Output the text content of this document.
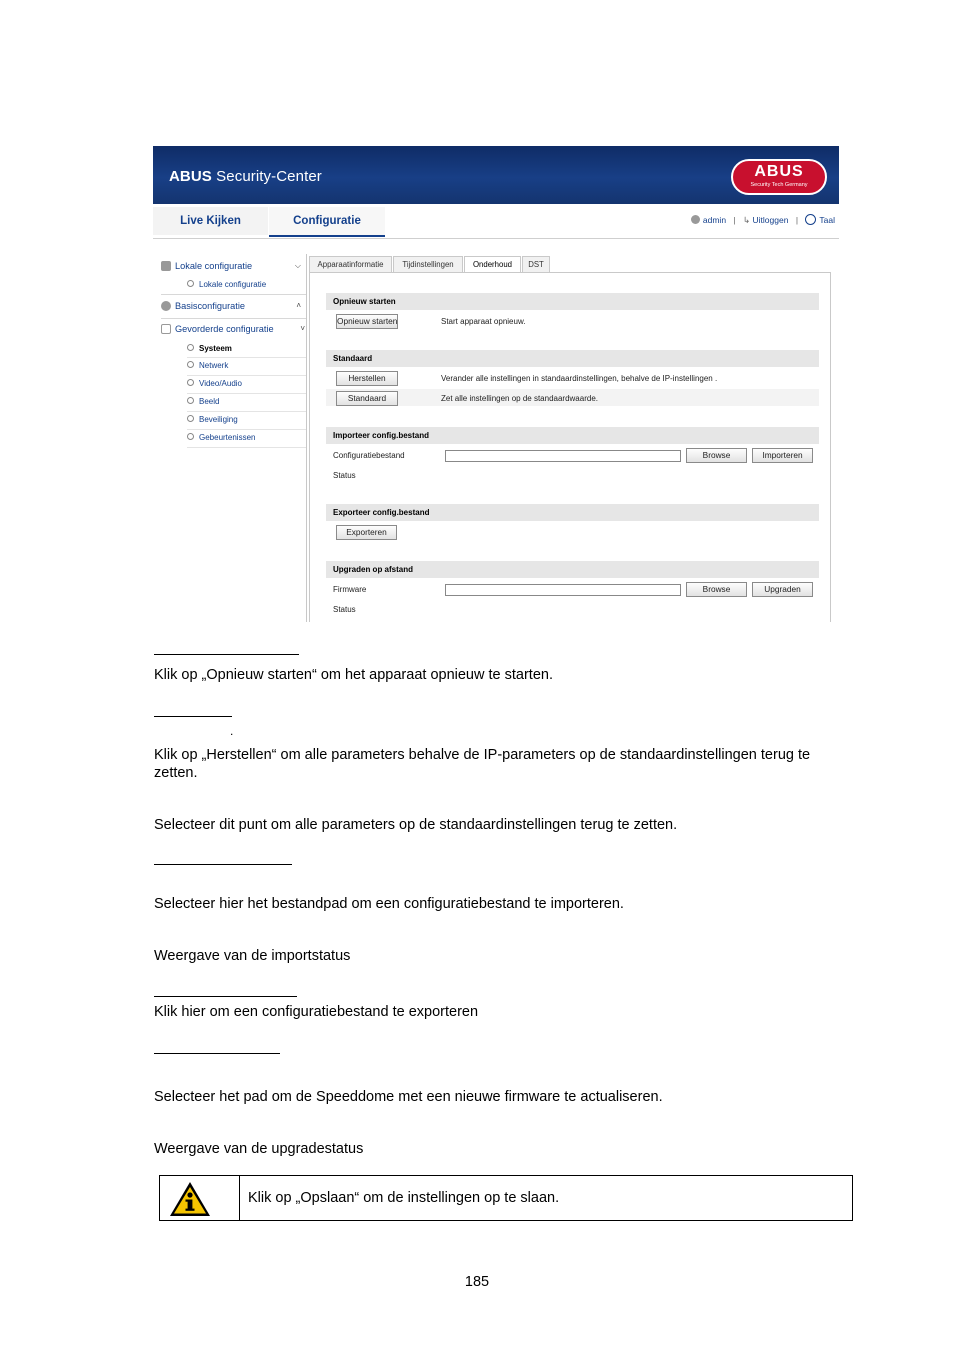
ABUS Security-Center	ABUS
Security Tech Germany
Live Kijken	Configuratie	admin | ↳ Uitloggen |	Taal
Lokale configuratie	⌵
Lokale configuratie
Basisconfiguratie	˄
Gevorderde configuratie	˅
Systeem
Netwerk
Video/Audio
Beeld
Beveiliging
Gebeurtenissen
Apparaatinformatie	Tijdinstellingen	Onderhoud	DST
Opnieuw starten
Opnieuw starten	Start apparaat opnieuw.
Standaard
Herstellen	Verander alle instellingen in standaardinstellingen, behalve de IP-instellingen .
Standaard	Zet alle instellingen op de standaardwaarde.
Importeer config.bestand
Configuratiebestand	Browse	Importeren
Status
Exporteer config.bestand
Exporteren
Upgraden op afstand
Firmware	Browse	Upgraden
Status
Klik op „Opnieuw starten“ om het apparaat opnieuw te starten.
.
Klik op „Herstellen“ om alle parameters behalve de IP-parameters op de standaardinstellingen terug te
zetten.
Selecteer dit punt om alle parameters op de standaardinstellingen terug te zetten.
Selecteer hier het bestandpad om een configuratiebestand te importeren.
Weergave van de importstatus
Klik hier om een configuratiebestand te exporteren
Selecteer het pad om de Speeddome met een nieuwe firmware te actualiseren.
Weergave van de upgradestatus
Klik op „Opslaan“ om de instellingen op te slaan.
185
